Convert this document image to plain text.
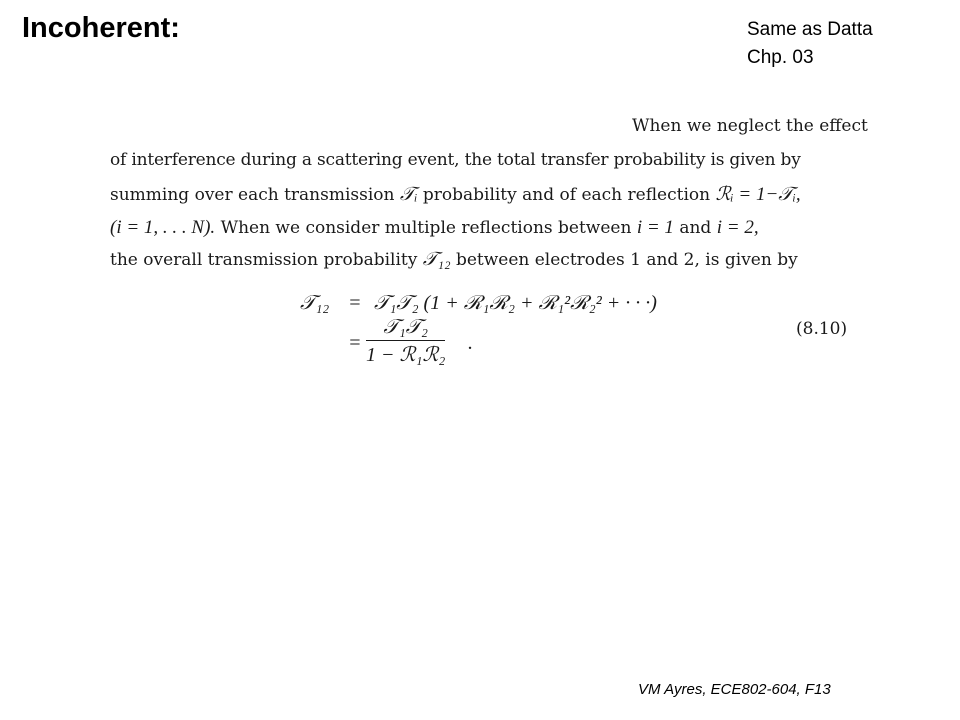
Incoherent:	Same as Datta
Chp. 03
When we neglect the effect
of interference during a scattering event, the total transfer probability is given by
summing over each transmission 𝒯ᵢ probability and of each reflection ℛᵢ = 1−𝒯ᵢ,
(i = 1, . . . N). When we consider multiple reflections between i = 1 and i = 2,
the overall transmission probability 𝒯₁₂ between electrodes 1 and 2, is given by
𝒯₁₂ = 𝒯₁𝒯₂ (1 + ℛ₁ℛ₂ + ℛ₁²ℛ₂² + · · ·)
=
𝒯₁𝒯₂
1 − ℛ₁ℛ₂
.
(8.10)
VM Ayres, ECE802-604, F13
